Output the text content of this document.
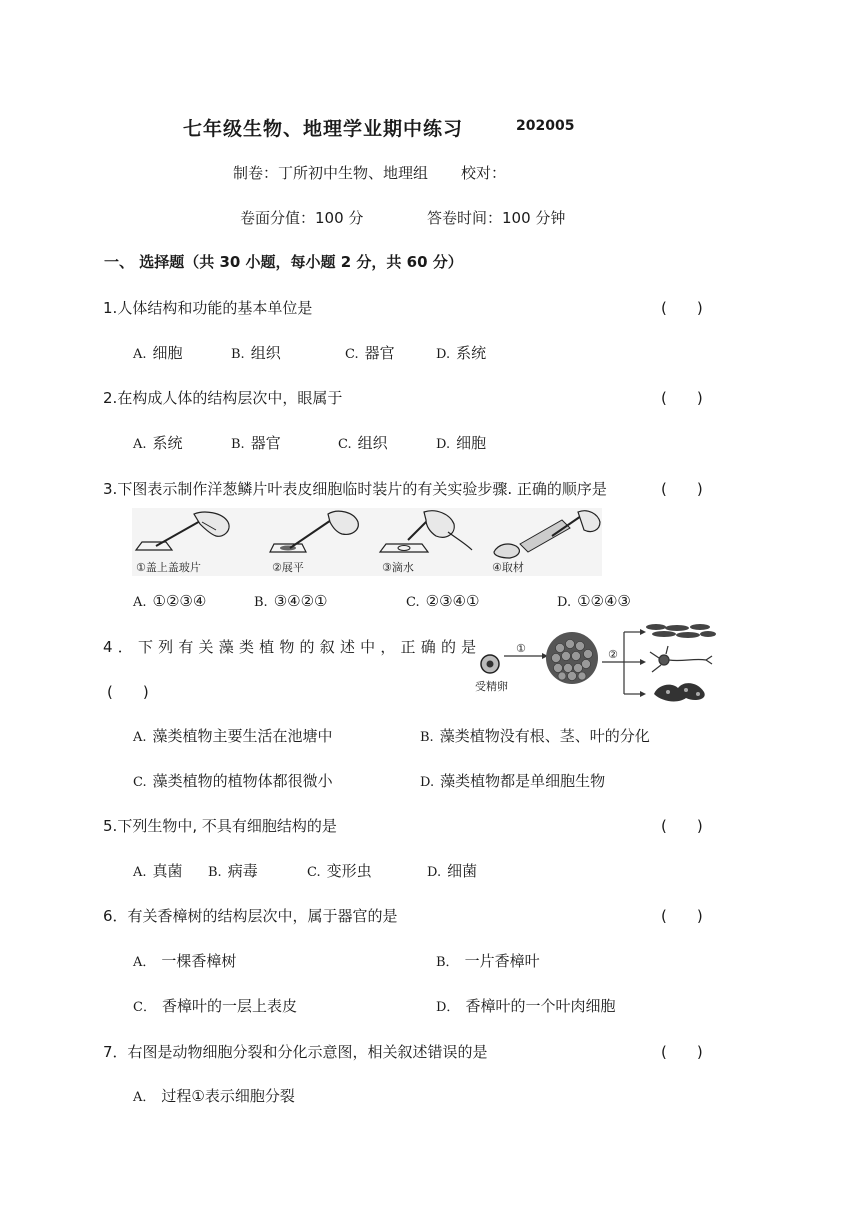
七年级生物、地理学业期中练习	202005
制卷：丁所初中生物、地理组 校对：
卷面分值：100 分	答卷时间：100 分钟
一、 选择题（共 30 小题，每小题 2 分，共 60 分）
1.人体结构和功能的基本单位是	(　　)
A. 细胞	B. 组织	C. 器官	D. 系统
2.在构成人体的结构层次中，眼属于	(　　)
A. 系统	B. 器官	C. 组织	D. 细胞
3.下图表示制作洋葱鳞片叶表皮细胞临时装片的有关实验步骤. 正确的顺序是	(　　)
①盖上盖玻片	②展平	③滴水	④取材
A. ①②③④	B. ③④②①	C. ②③④①	D. ①②④③
4．下列有关藻类植物的叙述中，正确的是
(　　)	受精卵
①	②
A. 藻类植物主要生活在池塘中	B. 藻类植物没有根、茎、叶的分化
C. 藻类植物的植物体都很微小	D. 藻类植物都是单细胞生物
5.下列生物中, 不具有细胞结构的是	(　　)
A. 真菌 B. 病毒	C. 变形虫	D. 细菌
6．有关香樟树的结构层次中，属于器官的是	(　　)
A． 一棵香樟树	B． 一片香樟叶
C． 香樟叶的一层上表皮	D． 香樟叶的一个叶肉细胞
7．右图是动物细胞分裂和分化示意图，相关叙述错误的是	(　　)
A． 过程①表示细胞分裂
